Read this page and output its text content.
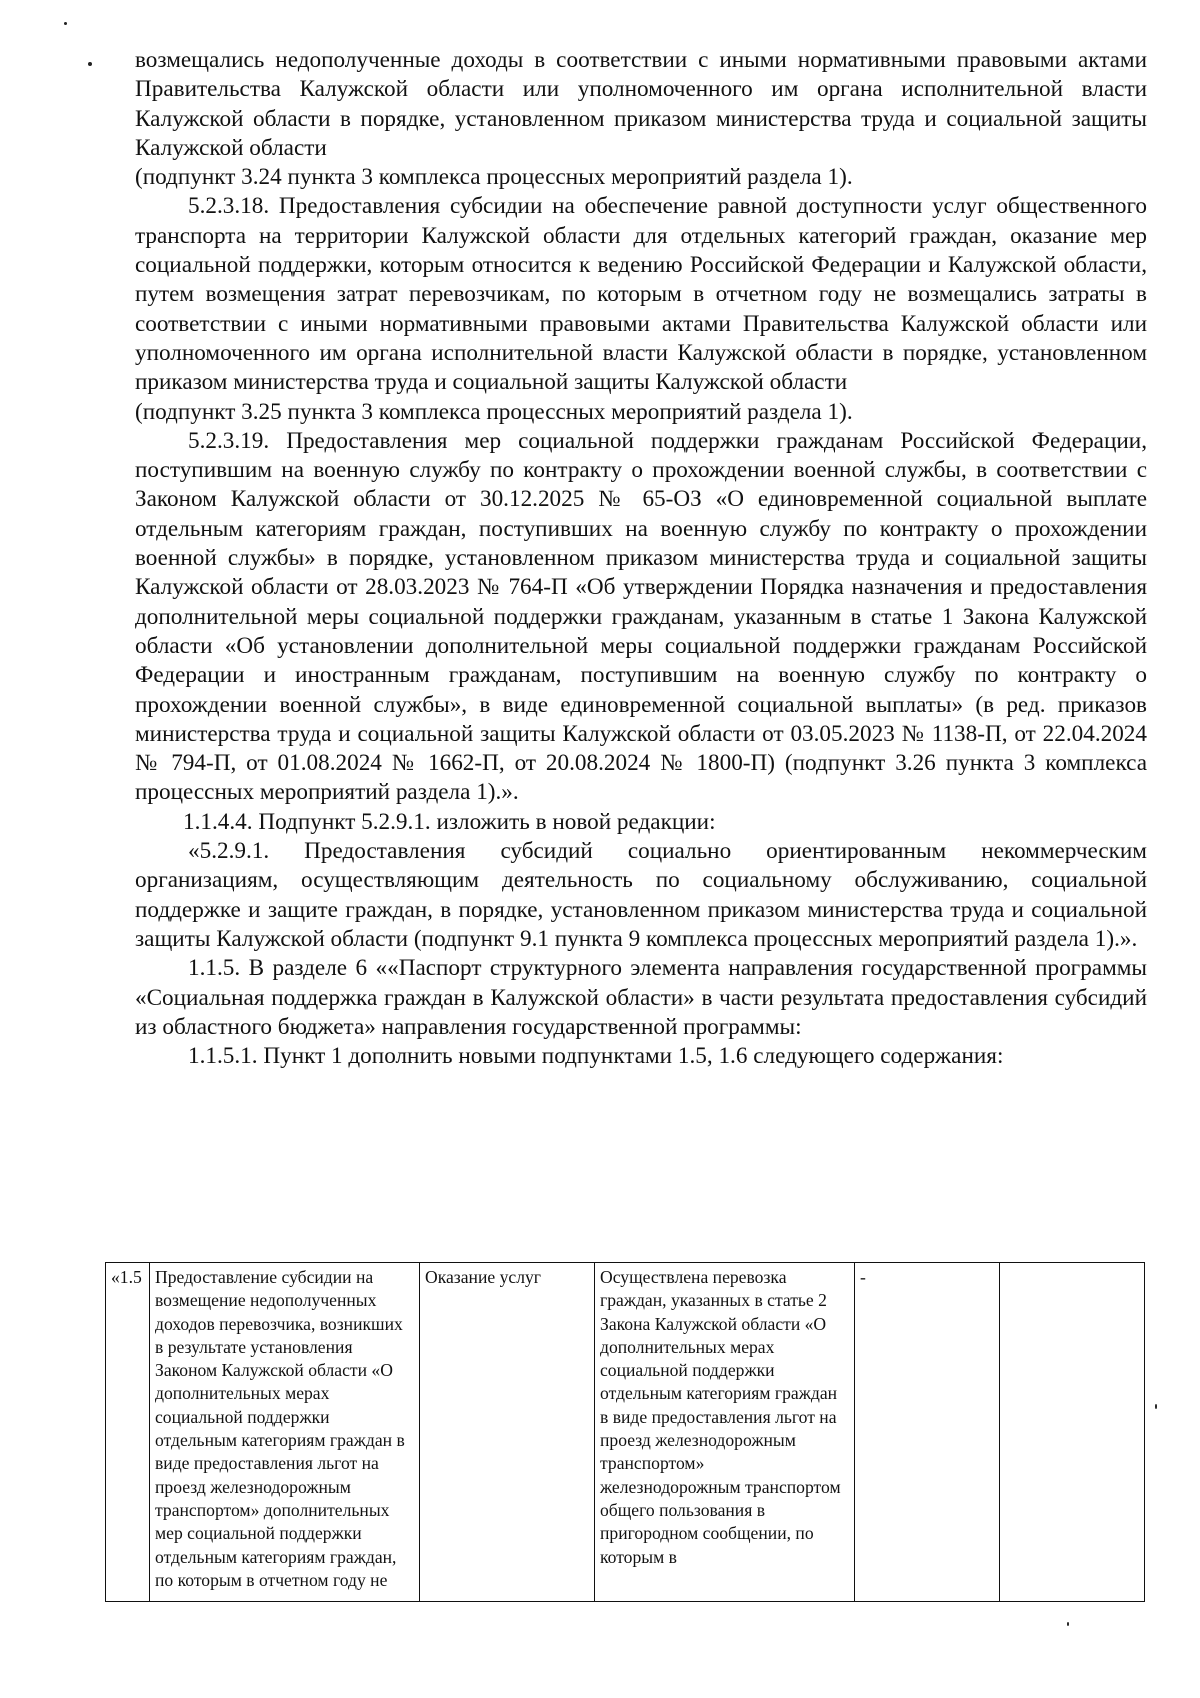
возмещались недополученные доходы в соответствии с иными нормативными правовыми актами Правительства Калужской области или уполномоченного им органа исполнительной власти Калужской области в порядке, установленном приказом министерства труда и социальной защиты Калужской области

(подпункт 3.24 пункта 3 комплекса процессных мероприятий раздела 1).

5.2.3.18. Предоставления субсидии на обеспечение равной доступности услуг общественного транспорта на территории Калужской области для отдельных категорий граждан, оказание мер социальной поддержки, которым относится к ведению Российской Федерации и Калужской области, путем возмещения затрат перевозчикам, по которым в отчетном году не возмещались затраты в соответствии с иными нормативными правовыми актами Правительства Калужской области или уполномоченного им органа исполнительной власти Калужской области в порядке, установленном приказом министерства труда и социальной защиты Калужской области

(подпункт 3.25 пункта 3 комплекса процессных мероприятий раздела 1).

5.2.3.19. Предоставления мер социальной поддержки гражданам Российской Федерации, поступившим на военную службу по контракту о прохождении военной службы, в соответствии с Законом Калужской области от 30.12.2025 № 65-ОЗ «О единовременной социальной выплате отдельным категориям граждан, поступивших на военную службу по контракту о прохождении военной службы» в порядке, установленном приказом министерства труда и социальной защиты Калужской области от 28.03.2023 № 764-П «Об утверждении Порядка назначения и предоставления дополнительной меры социальной поддержки гражданам, указанным в статье 1 Закона Калужской области «Об установлении дополнительной меры социальной поддержки гражданам Российской Федерации и иностранным гражданам, поступившим на военную службу по контракту о прохождении военной службы», в виде единовременной социальной выплаты» (в ред. приказов министерства труда и социальной защиты Калужской области от 03.05.2023 № 1138-П, от 22.04.2024 № 794-П, от 01.08.2024 № 1662-П, от 20.08.2024 № 1800-П) (подпункт 3.26 пункта 3 комплекса процессных мероприятий раздела 1).».

1.1.4.4. Подпункт 5.2.9.1. изложить в новой редакции:

«5.2.9.1. Предоставления субсидий социально ориентированным некоммерческим организациям, осуществляющим деятельность по социальному обслуживанию, социальной поддержке и защите граждан, в порядке, установленном приказом министерства труда и социальной защиты Калужской области (подпункт 9.1 пункта 9 комплекса процессных мероприятий раздела 1).».

1.1.5. В разделе 6 ««Паспорт структурного элемента направления государственной программы «Социальная поддержка граждан в Калужской области» в части результата предоставления субсидий из областного бюджета» направления государственной программы:

1.1.5.1. Пункт 1 дополнить новыми подпунктами 1.5, 1.6 следующего содержания:

«1.5	Предоставление субсидии на возмещение недополученных доходов перевозчика, возникших в результате установления Законом Калужской области «О дополнительных мерах социальной поддержки отдельным категориям граждан в виде предоставления льгот на проезд железнодорожным транспортом» дополнительных мер социальной поддержки отдельным категориям граждан, по которым в отчетном году не	Оказание услуг	Осуществлена перевозка граждан, указанных в статье 2 Закона Калужской области «О дополнительных мерах социальной поддержки отдельным категориям граждан в виде предоставления льгот на проезд железнодорожным транспортом» железнодорожным транспортом общего пользования в пригородном сообщении, по которым в	-	
